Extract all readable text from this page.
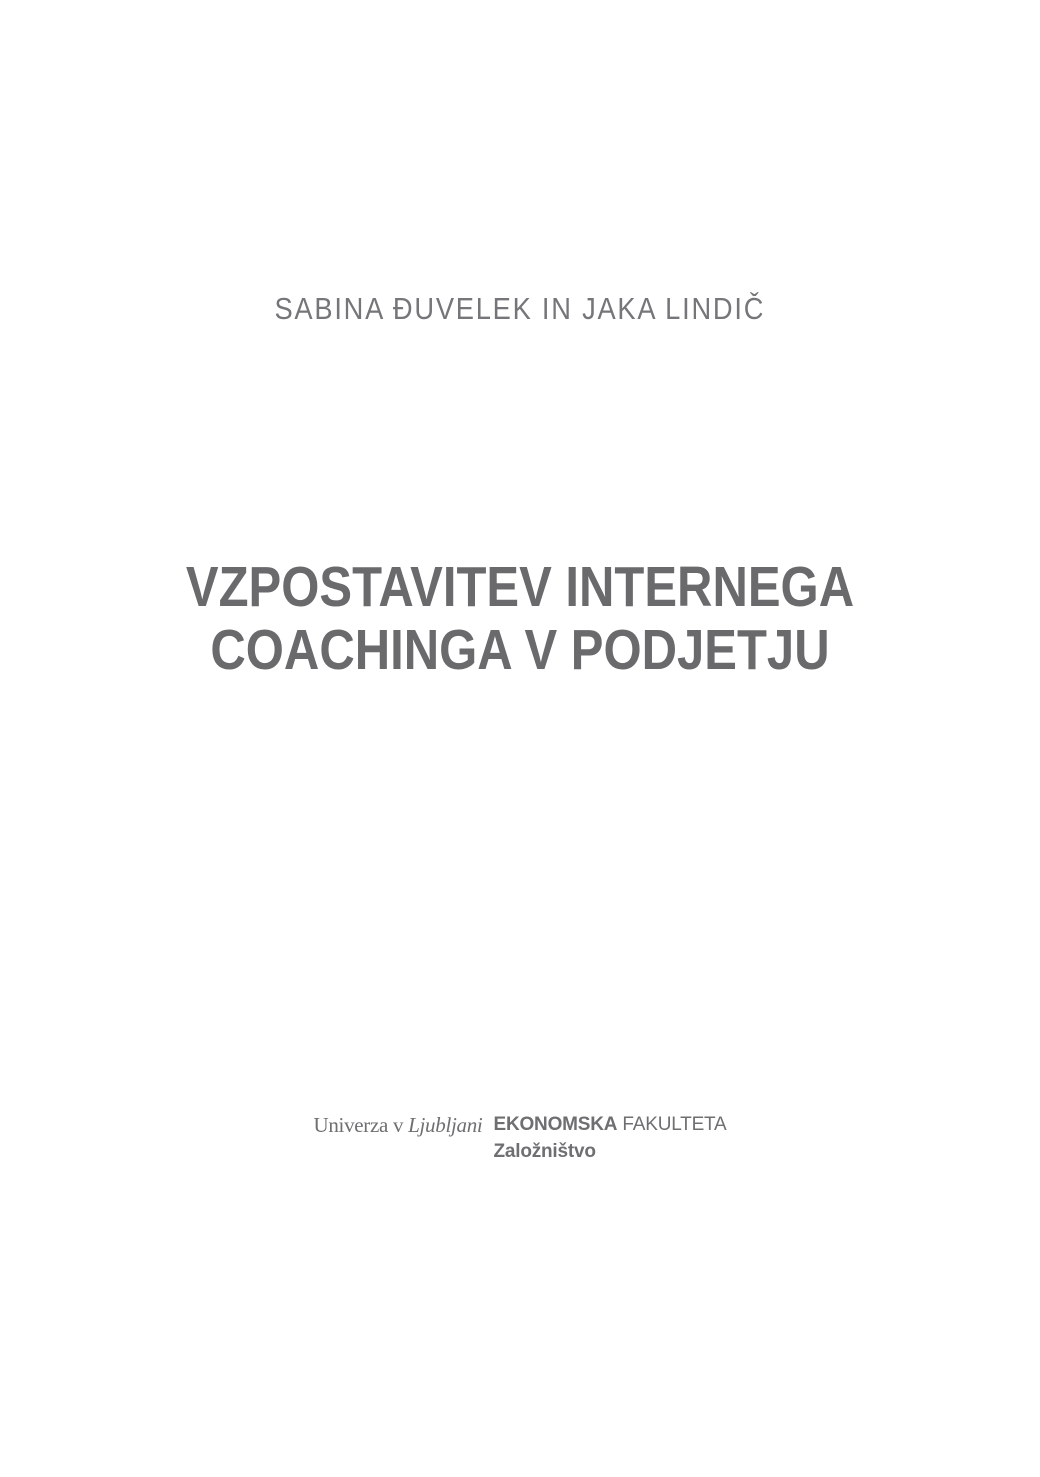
SABINA ĐUVELEK IN JAKA LINDIČ
VZPOSTAVITEV INTERNEGA
COACHINGA V PODJETJU
Univerza v Ljubljani EKONOMSKA FAKULTETA
Založništvo
